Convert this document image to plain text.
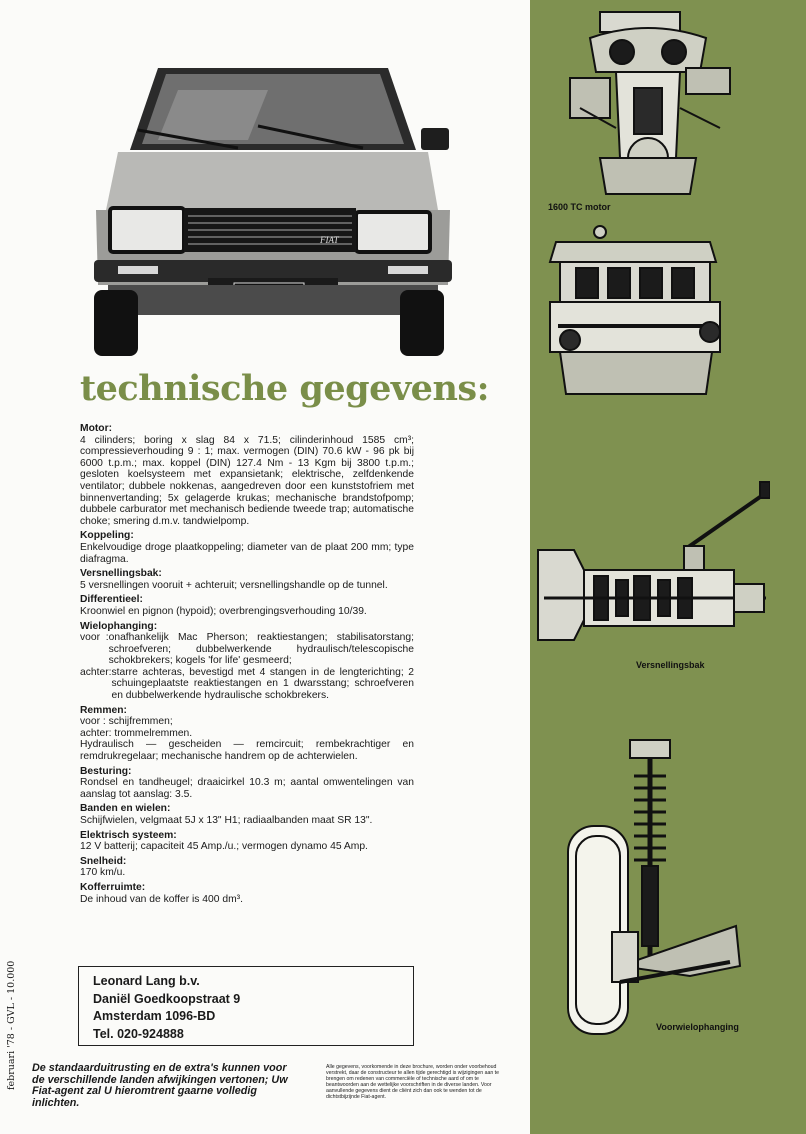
FIAT
technische gegevens:
Motor:

4 cilinders; boring x slag 84 x 71.5; cilinderinhoud 1585 cm³; compressieverhouding 9 : 1; max. vermogen (DIN) 70.6 kW - 96 pk bij 6000 t.p.m.; max. koppel (DIN) 127.4 Nm - 13 Kgm bij 3800 t.p.m.; gesloten koelsysteem met expansietank; elektrische, zelfdenkende ventilator; dubbele nokkenas, aangedreven door een kunststofriem met binnenvertanding; 5x gelagerde krukas; mechanische brandstofpomp; dubbele carburator met mechanisch bediende tweede trap; automatische choke; smering d.m.v. tandwielpomp.

Koppeling:

Enkelvoudige droge plaatkoppeling; diameter van de plaat 200 mm; type diafragma.

Versnellingsbak:

5 versnellingen vooruit + achteruit; versnellingshandle op de tunnel.

Differentieel:

Kroonwiel en pignon (hypoid); overbrengingsverhouding 10/39.

Wielophanging:
voor  : onafhankelijk Mac Pherson; reaktiestangen; stabilisatorstang; schroefveren; dubbelwerkende hydraulisch/telescopische schokbrekers; kogels 'for life' gesmeerd;
achter: starre achteras, bevestigd met 4 stangen in de lengterichting; 2 schuingeplaatste reaktiestangen en 1 dwarsstang; schroefveren en dubbelwerkende hydraulische schokbrekers.
Remmen:

voor : schijfremmen;

achter: trommelremmen.

Hydraulisch — gescheiden — remcircuit; rembekrachtiger en remdrukregelaar; mechanische handrem op de achterwielen.

Besturing:

Rondsel en tandheugel; draaicirkel 10.3 m; aantal omwentelingen van aanslag tot aanslag: 3.5.

Banden en wielen:

Schijfwielen, velgmaat 5J x 13" H1; radiaalbanden maat SR 13".

Elektrisch systeem:

12 V batterij; capaciteit 45 Amp./u.; vermogen dynamo 45 Amp.

Snelheid:

170 km/u.

Kofferruimte:

De inhoud van de koffer is 400 dm³.

Leonard Lang b.v.
Daniël Goedkoopstraat 9
Amsterdam 1096-BD
Tel. 020-924888
De standaarduitrusting en de extra's kunnen voor de verschillende landen afwijkingen vertonen; Uw Fiat-agent zal U hieromtrent gaarne volledig inlichten.
Alle gegevens, voorkomende in deze brochure, worden onder voorbehoud verstrekt, daar de constructeur te allen tijde gerechtigd is wijzigingen aan te brengen om redenen van commerciële of technische aard of om te beantwoorden aan de wettelijke voorschriften in de diverse landen. Voor aanvullende gegevens dient de cliënt zich dan ook te wenden tot de dichtstbijzijnde Fiat-agent.
februari '78 - GVL - 10.000
1600 TC motor
Versnellingsbak
Voorwielophanging
